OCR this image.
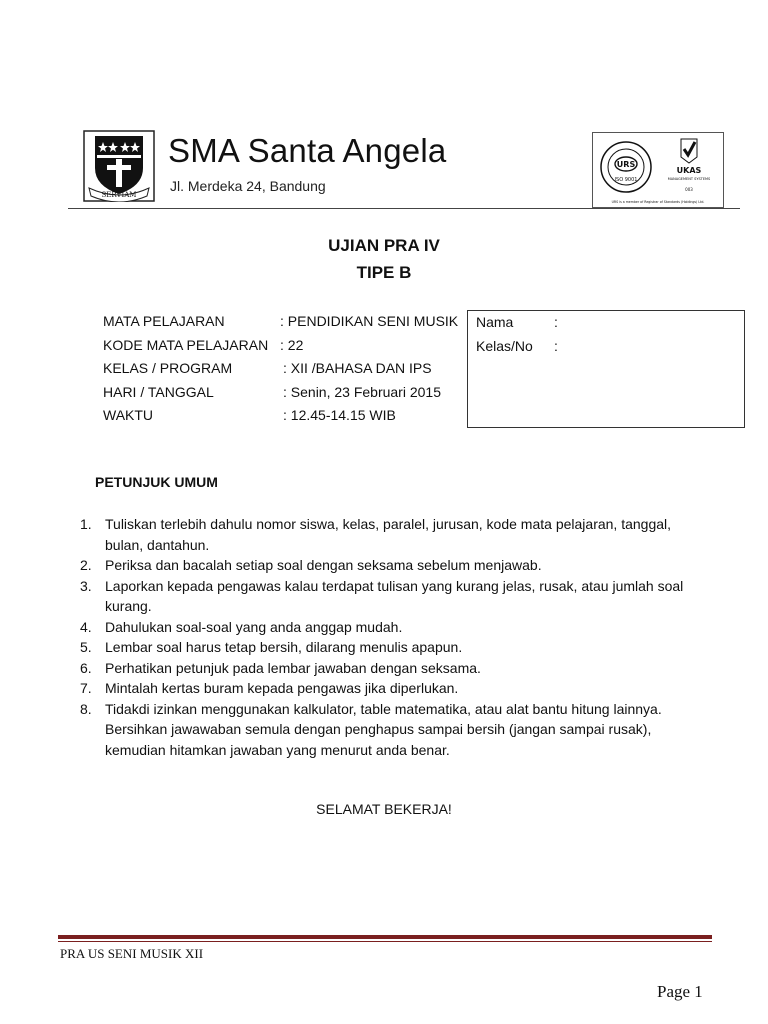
SERVIAM
SMA Santa Angela
Jl. Merdeka 24, Bandung
URS
ISO 9001
UKAS
MANAGEMENT SYSTEMS
003
URS is a member of Registrar of Standards (Holdings) Ltd.
UJIAN PRA IV
TIPE B
MATA PELAJARAN	: PENDIDIKAN SENI MUSIK
KODE MATA PELAJARAN : 22
KELAS / PROGRAM	: XII /BAHASA DAN IPS
HARI / TANGGAL	: Senin, 23 Februari 2015
WAKTU	: 12.45-14.15 WIB
Nama	:
Kelas/No :
PETUNJUK UMUM
1. Tuliskan terlebih dahulu nomor siswa, kelas, paralel, jurusan, kode mata pelajaran, tanggal, bulan, dantahun.
2. Periksa dan bacalah setiap soal dengan seksama sebelum menjawab.
3. Laporkan kepada pengawas kalau terdapat tulisan yang kurang jelas, rusak, atau jumlah soal kurang.
4. Dahulukan soal-soal yang anda anggap mudah.
5. Lembar soal harus tetap bersih, dilarang menulis apapun.
6. Perhatikan petunjuk pada lembar jawaban dengan seksama.
7. Mintalah kertas buram kepada pengawas jika diperlukan.
8. Tidakdi izinkan menggunakan kalkulator, table matematika, atau alat bantu hitung lainnya. Bersihkan jawawaban semula dengan penghapus sampai bersih (jangan sampai rusak), kemudian hitamkan jawaban yang menurut anda benar.
SELAMAT BEKERJA!
PRA US SENI MUSIK XII
Page 1
